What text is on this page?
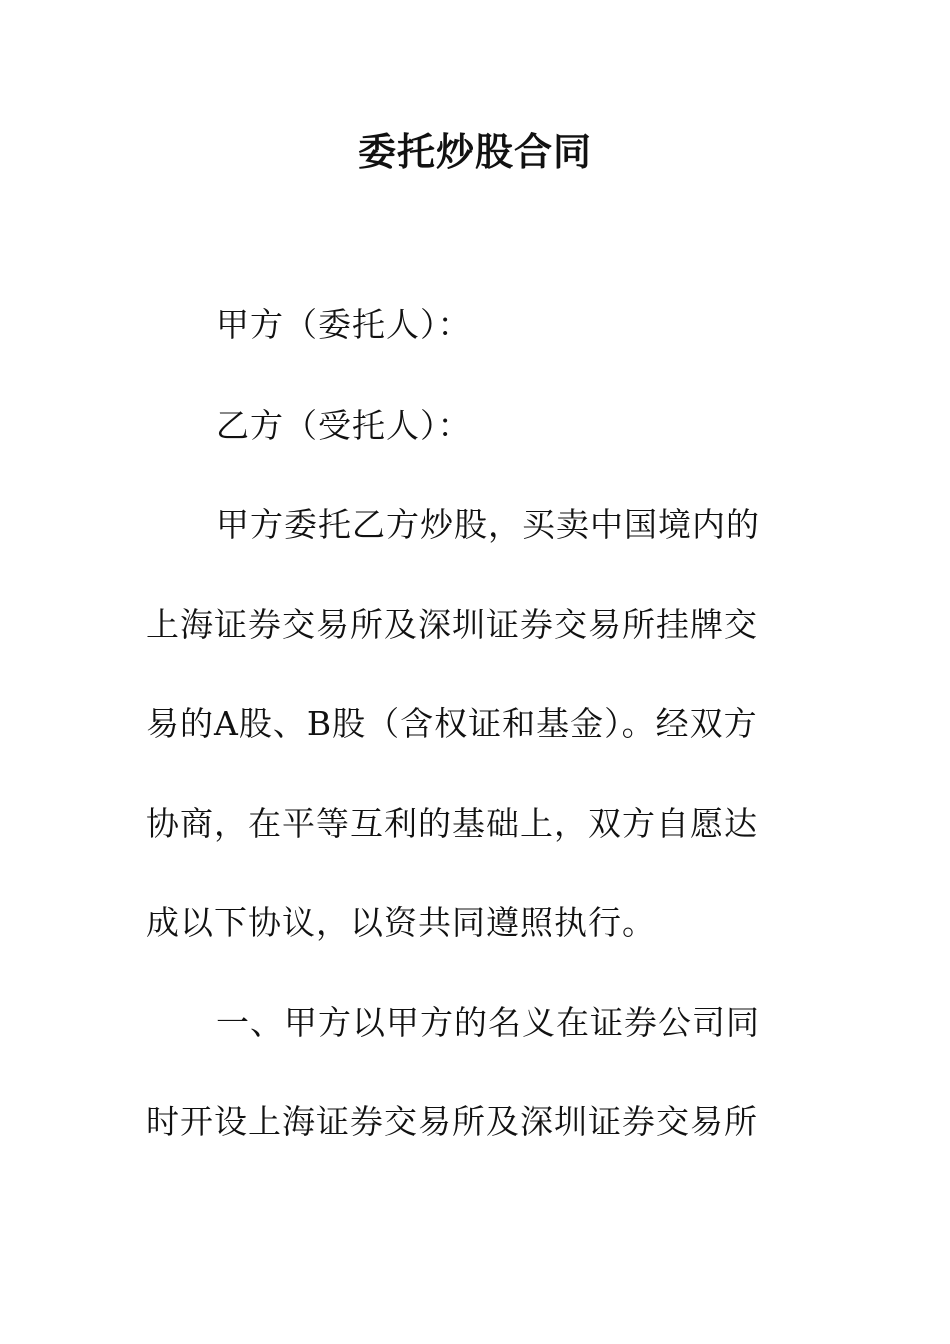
委托炒股合同
甲方（委托人）：
乙方（受托人）：
甲方委托乙方炒股，买卖中国境内的
上海证券交易所及深圳证券交易所挂牌交
易的A股、B股（含权证和基金）。经双方
协商，在平等互利的基础上，双方自愿达
成以下协议，以资共同遵照执行。
一、甲方以甲方的名义在证券公司同
时开设上海证券交易所及深圳证券交易所
